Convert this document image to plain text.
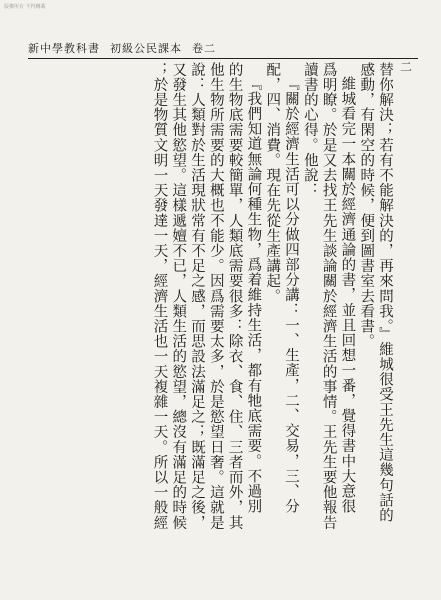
版權所有 不得轉載
新中學教科書 初級公民課本 卷二
二
替你解決；若有不能解決的，再來問我。』維城很受王先生這幾句話的
感動，有閑空的時候，便到圖書室去看書。
維城看完一本關於經濟通論的書，並且回想一番，覺得書中大意很
爲明瞭。於是又去找王先生談論關於經濟生活的事情。王先生要他報告
讀書的心得。他說：
『關於經濟生活可以分做四部分講：一、生產，二、交易，三、分
配，四、消費。現在先從生產講起。
『我們知道無論何種生物，爲着維持生活，都有牠底需要。不過別
的生物底需要較簡單，人類底需要很多：除衣、食、住、三者而外，其
他生物所需要的大概也不能少。因爲需要太多，於是慾望日奢。這就是
說：人類對於生活現狀常有不足之感，而思設法滿足之；既滿足之後，
又發生其他慾望。這樣遞嬗不已，人類生活的慾望，總沒有滿足的時候
；於是物質文明一天發達一天，經濟生活也一天複雜一天。所以一般經
